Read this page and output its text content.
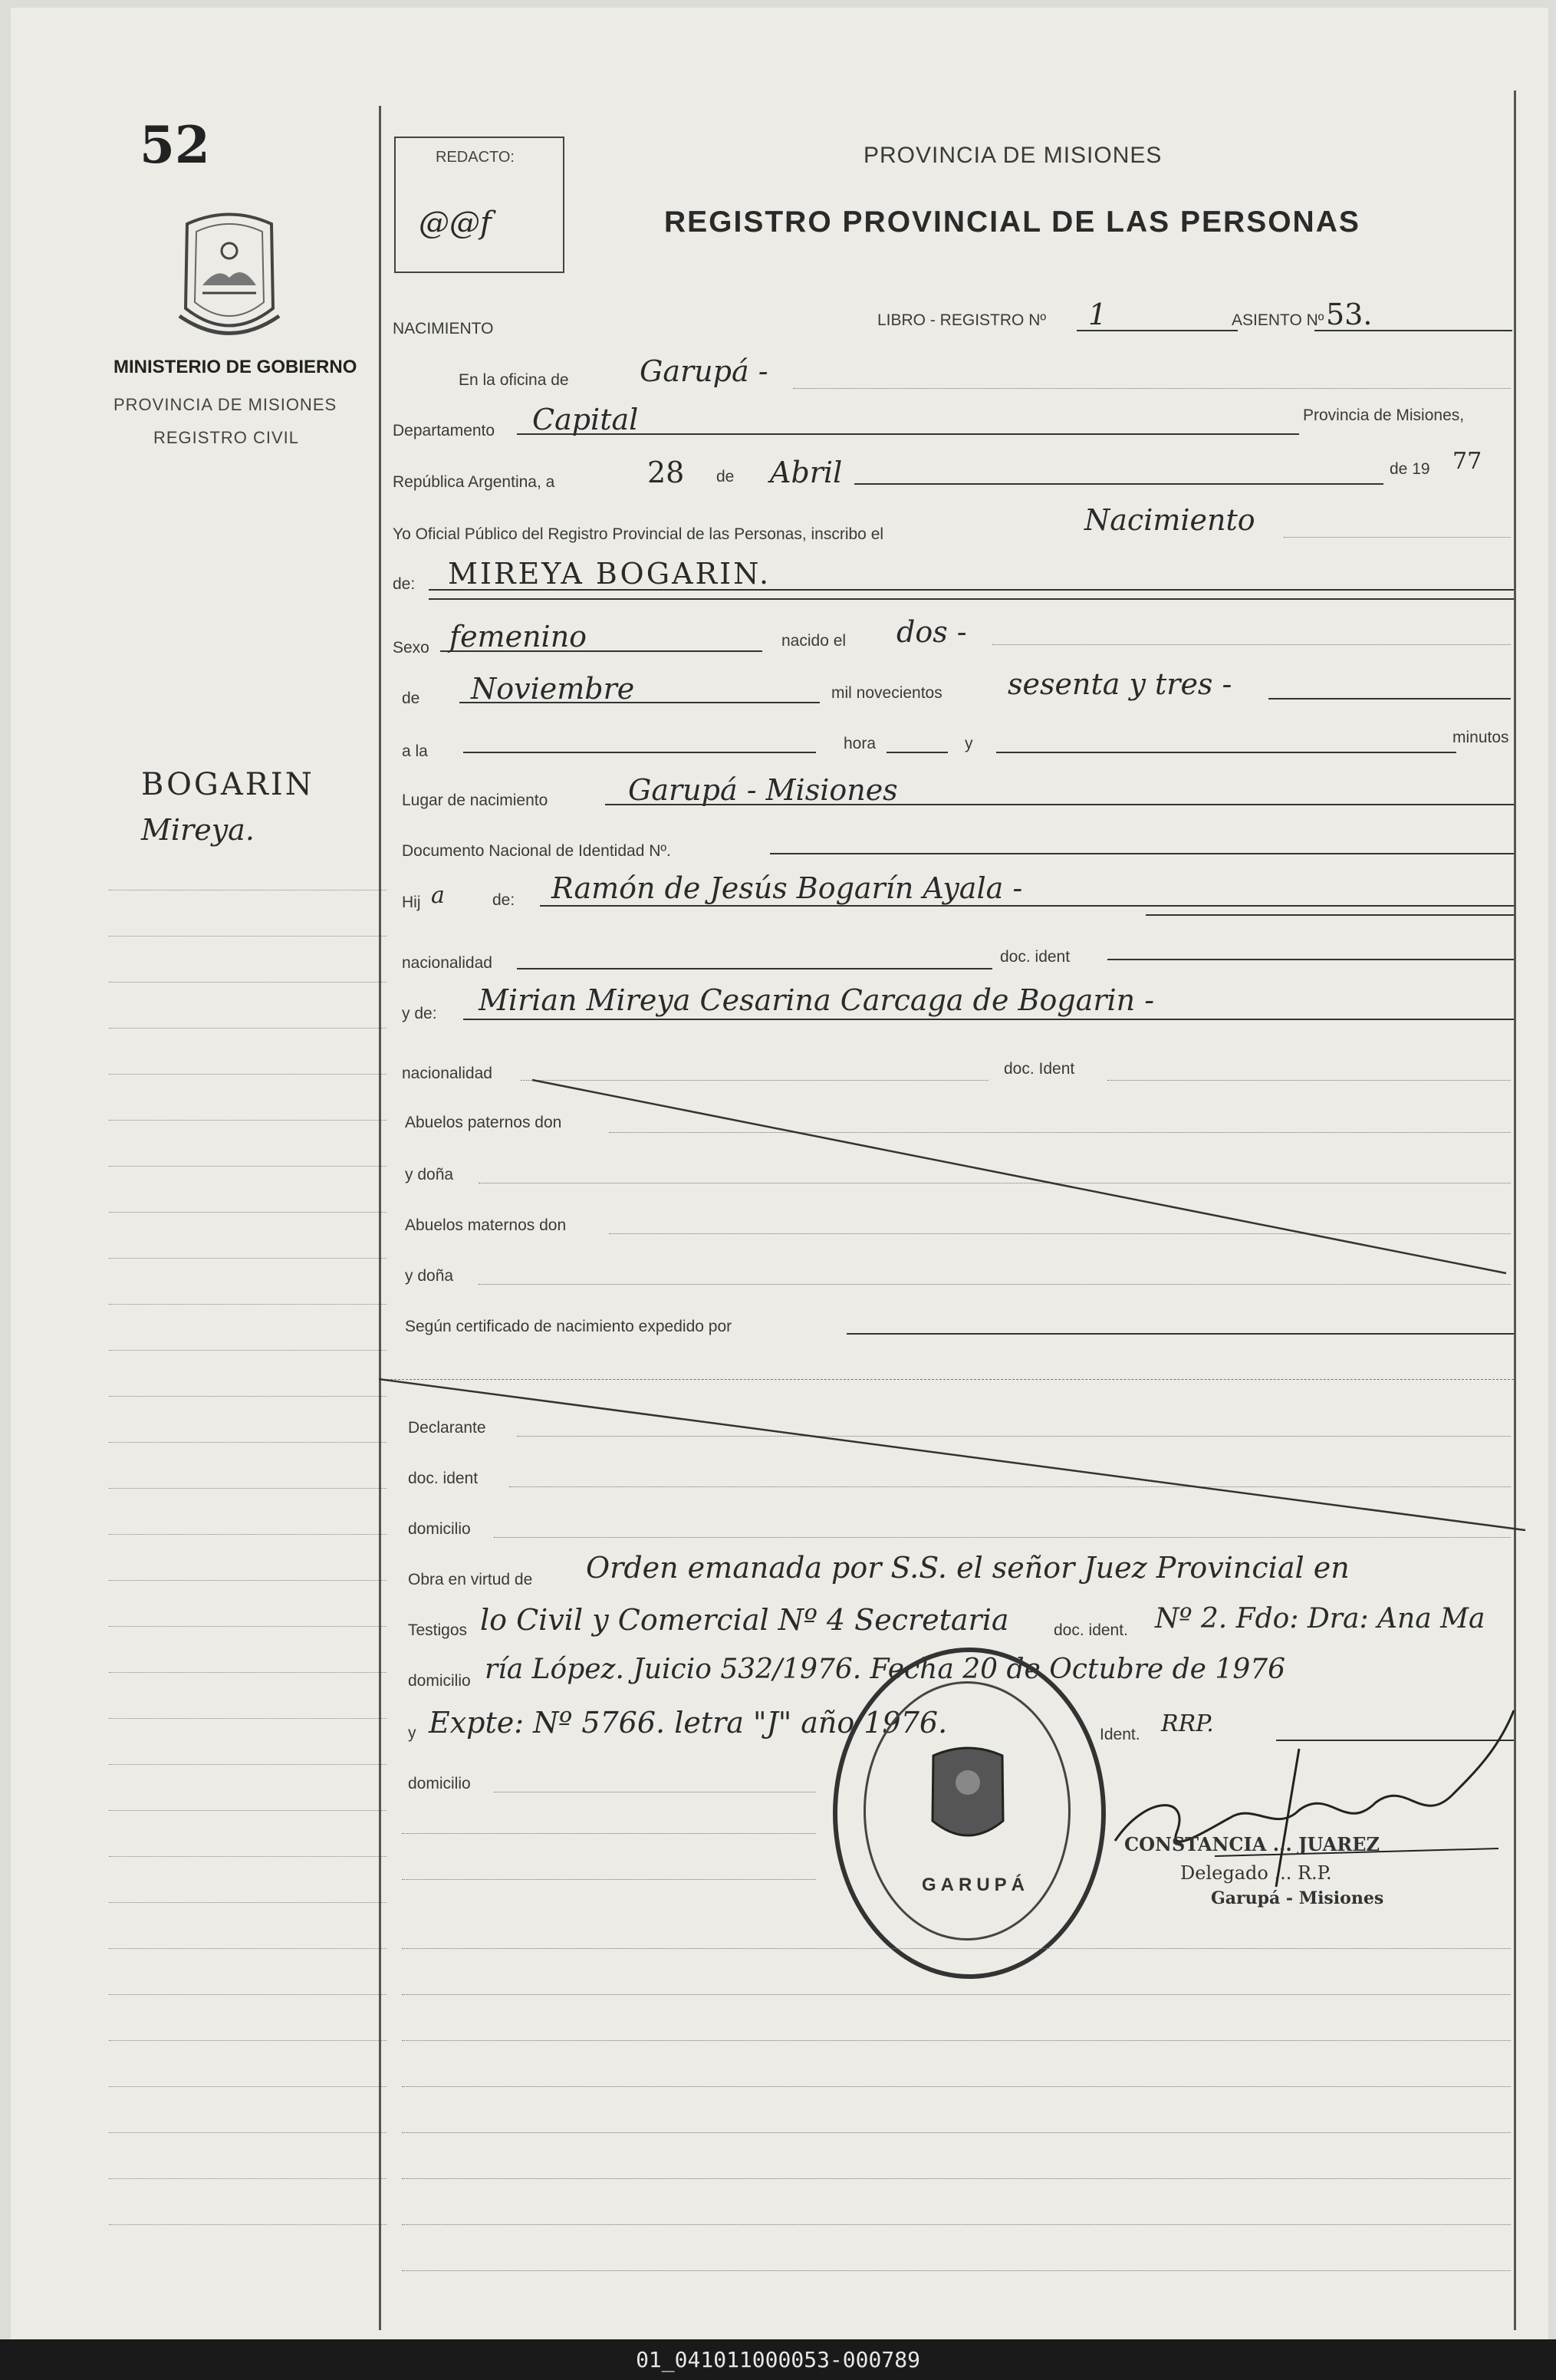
52
MINISTERIO DE GOBIERNO
PROVINCIA DE MISIONES
REGISTRO CIVIL
BOGARIN
Mireya.
REDACTO:
@@f
PROVINCIA DE MISIONES
REGISTRO PROVINCIAL DE LAS PERSONAS
NACIMIENTO	LIBRO - REGISTRO Nº 1	ASIENTO Nº 53.
En la oficina de Garupá -
Departamento Capital	Provincia de Misiones,
República Argentina, a	28 de Abril	de 19 77
Yo Oficial Público del Registro Provincial de las Personas, inscribo el	Nacimiento
de: MIREYA BOGARIN.
Sexo femenino	nacido el dos -
de Noviembre	mil novecientos sesenta y tres -
a la	hora	y	minutos
Lugar de nacimiento	Garupá - Misiones
Documento Nacional de Identidad Nº.
Hij a	de: Ramón de Jesús Bogarín Ayala -
nacionalidad	doc. ident
y de: Mirian Mireya Cesarina Carcaga de Bogarin -
nacionalidad	doc. Ident
Abuelos paternos don
y doña
Abuelos maternos don
y doña
Según certificado de nacimiento expedido por
Declarante
doc. ident
domicilio
Obra en virtud de Orden emanada por S.S. el señor Juez Provincial en
Testigos lo Civil y Comercial Nº 4 Secretaria	doc. ident. Nº 2. Fdo: Dra: Ana Ma
domicilio ría López. Juicio 532/1976. Fecha 20 de Octubre de 1976
y Expte: Nº 5766. letra "J" año 1976.	Ident. RRP.
domicilio
GARUPÁ
CONSTANCIA ... JUAREZ
Delegado ... R.P.
Garupá - Misiones
01_041011000053-000789
